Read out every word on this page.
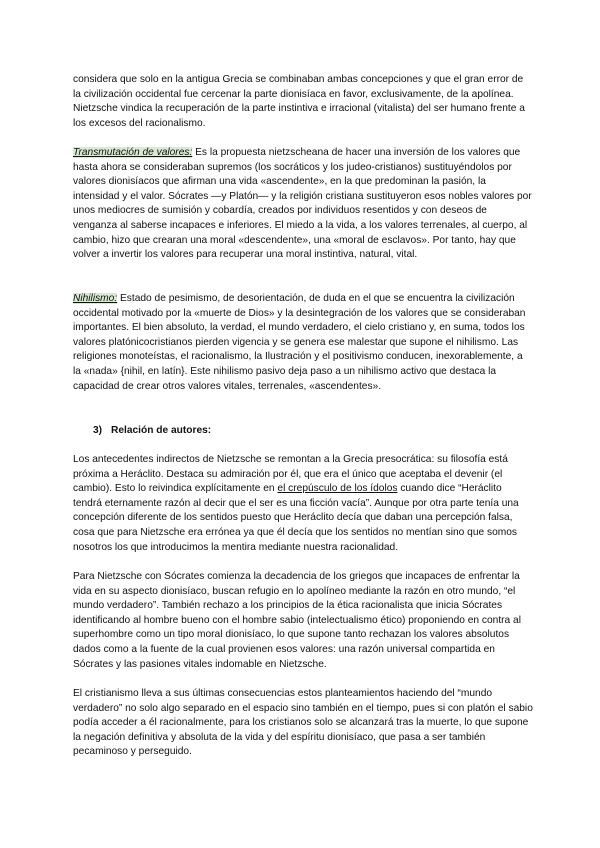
considera que solo en la antigua Grecia se combinaban ambas concepciones y que el gran error de la civilización occidental fue cercenar la parte dionisíaca en favor, exclusivamente, de la apolínea. Nietzsche vindica la recuperación de la parte instintiva e irracional (vitalista) del ser humano frente a los excesos del racionalismo.

Transmutación de valores: Es la propuesta nietzscheana de hacer una inversión de los valores que hasta ahora se consideraban supremos (los socráticos y los judeo-cristianos) sustituyéndolos por valores dionisíacos que afirman una vida «ascendente», en la que predominan la pasión, la intensidad y el valor. Sócrates —y Platón— y la religión cristiana sustituyeron esos nobles valores por unos mediocres de sumisión y cobardía, creados por individuos resentidos y con deseos de venganza al saberse incapaces e inferiores. El miedo a la vida, a los valores terrenales, al cuerpo, al cambio, hizo que crearan una moral «descendente», una «moral de esclavos». Por tanto, hay que volver a invertir los valores para recuperar una moral instintiva, natural, vital.

Nihilismo: Estado de pesimismo, de desorientación, de duda en el que se encuentra la civilización occidental motivado por la «muerte de Dios» y la desintegración de los valores que se consideraban importantes. El bien absoluto, la verdad, el mundo verdadero, el cielo cristiano y, en suma, todos los valores platónicocristianos pierden vigencia y se genera ese malestar que supone el nihilismo. Las religiones monoteístas, el racionalismo, la Ilustración y el positivismo conducen, inexorablemente, a la «nada» {nihil, en latín}. Este nihilismo pasivo deja paso a un nihilismo activo que destaca la capacidad de crear otros valores vitales, terrenales, «ascendentes».

3) Relación de autores:

Los antecedentes indirectos de Nietzsche se remontan a la Grecia presocrática: su filosofía está próxima a Heráclito. Destaca su admiración por él, que era el único que aceptaba el devenir (el cambio). Esto lo reivindica explícitamente en el crepúsculo de los ídolos cuando dice “Heráclito tendrá eternamente razón al decir que el ser es una ficción vacía”. Aunque por otra parte tenía una concepción diferente de los sentidos puesto que Heráclito decía que daban una percepción falsa, cosa que para Nietzsche era errónea ya que él decía que los sentidos no mentían sino que somos nosotros los que introducimos la mentira mediante nuestra racionalidad.

Para Nietzsche con Sócrates comienza la decadencia de los griegos que incapaces de enfrentar la vida en su aspecto dionisíaco, buscan refugio en lo apolíneo mediante la razón en otro mundo, “el mundo verdadero”. También rechazo a los principios de la ética racionalista que inicia Sócrates identificando al hombre bueno con el hombre sabio (intelectualismo ético) proponiendo en contra al superhombre como un tipo moral dionisíaco, lo que supone tanto rechazan los valores absolutos dados como a la fuente de la cual provienen esos valores: una razón universal compartida en Sócrates y las pasiones vitales indomable en Nietzsche.

El cristianismo lleva a sus últimas consecuencias estos planteamientos haciendo del “mundo verdadero” no solo algo separado en el espacio sino también en el tiempo, pues si con platón el sabio podía acceder a él racionalmente, para los cristianos solo se alcanzará tras la muerte, lo que supone la negación definitiva y absoluta de la vida y del espíritu dionisíaco, que pasa a ser también pecaminoso y perseguido.
